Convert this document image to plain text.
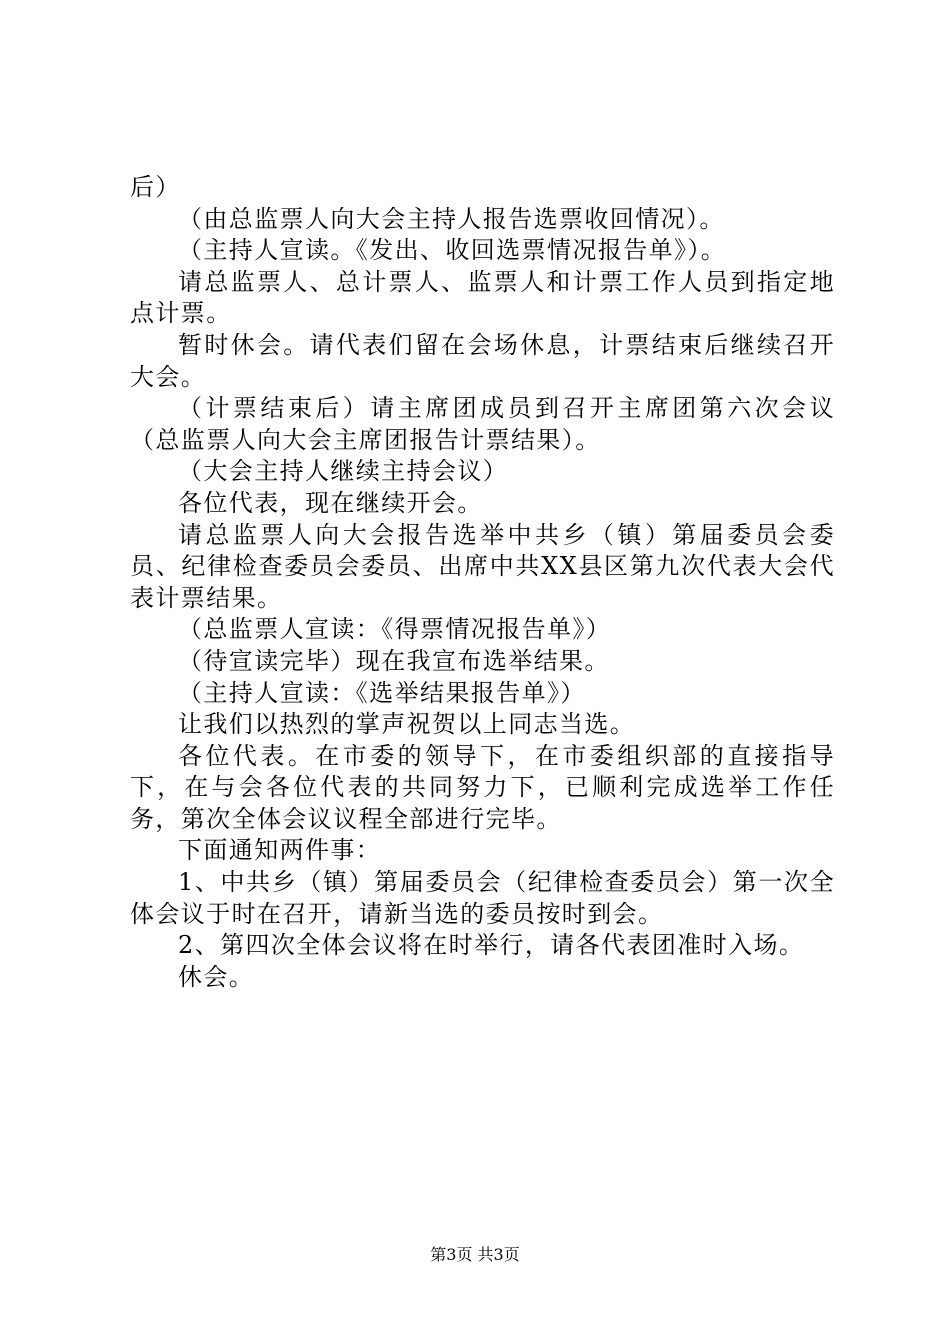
后）

（由总监票人向大会主持人报告选票收回情况）。

（主持人宣读。《发出、收回选票情况报告单》）。

请总监票人、总计票人、监票人和计票工作人员到指定地点计票。

暂时休会。请代表们留在会场休息，计票结束后继续召开大会。

（计票结束后）请主席团成员到召开主席团第六次会议（总监票人向大会主席团报告计票结果）。

（大会主持人继续主持会议）

各位代表，现在继续开会。

请总监票人向大会报告选举中共乡（镇）第届委员会委员、纪律检查委员会委员、出席中共XX县区第九次代表大会代表计票结果。

（总监票人宣读：《得票情况报告单》）

（待宣读完毕）现在我宣布选举结果。

（主持人宣读：《选举结果报告单》）

让我们以热烈的掌声祝贺以上同志当选。

各位代表。在市委的领导下，在市委组织部的直接指导下，在与会各位代表的共同努力下，已顺利完成选举工作任务，第次全体会议议程全部进行完毕。

下面通知两件事：

1、中共乡（镇）第届委员会（纪律检查委员会）第一次全体会议于时在召开，请新当选的委员按时到会。

2、第四次全体会议将在时举行，请各代表团准时入场。

休会。

第3页 共3页
